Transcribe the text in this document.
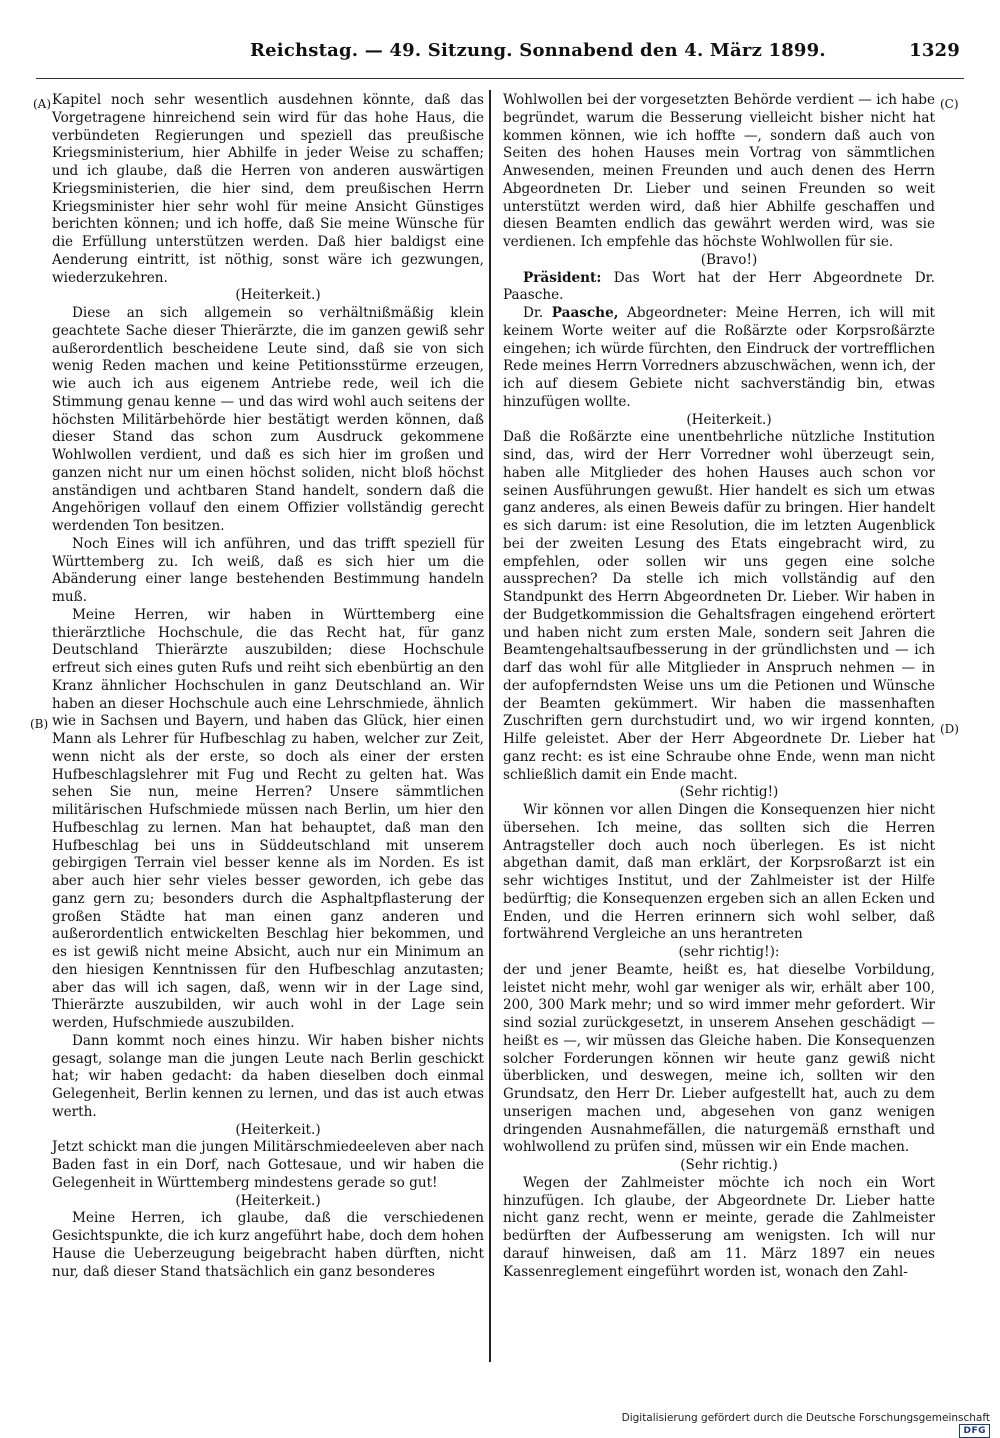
Reichstag. — 49. Sitzung. Sonnabend den 4. März 1899.	1329
(A)
(B)
(C)
(D)

Kapitel noch sehr wesentlich ausdehnen könnte, daß das Vorgetragene hinreichend sein wird für das hohe Haus, die verbündeten Regierungen und speziell das preußische Kriegsministerium, hier Abhilfe in jeder Weise zu schaffen; und ich glaube, daß die Herren von anderen auswärtigen Kriegsministerien, die hier sind, dem preußischen Herrn Kriegsminister hier sehr wohl für meine Ansicht Günstiges berichten können; und ich hoffe, daß Sie meine Wünsche für die Erfüllung unterstützen werden. Daß hier baldigst eine Aenderung eintritt, ist nöthig, sonst wäre ich gezwungen, wiederzukehren.

(Heiterkeit.)

Diese an sich allgemein so verhältnißmäßig klein geachtete Sache dieser Thierärzte, die im ganzen gewiß sehr außerordentlich bescheidene Leute sind, daß sie von sich wenig Reden machen und keine Petitionsstürme erzeugen, wie auch ich aus eigenem Antriebe rede, weil ich die Stimmung genau kenne — und das wird wohl auch seitens der höchsten Militärbehörde hier bestätigt werden können, daß dieser Stand das schon zum Ausdruck gekommene Wohlwollen verdient, und daß es sich hier im großen und ganzen nicht nur um einen höchst soliden, nicht bloß höchst anständigen und achtbaren Stand handelt, sondern daß die Angehörigen vollauf den einem Offizier vollständig gerecht werdenden Ton besitzen.

Noch Eines will ich anführen, und das trifft speziell für Württemberg zu. Ich weiß, daß es sich hier um die Abänderung einer lange bestehenden Bestimmung handeln muß.

Meine Herren, wir haben in Württemberg eine thierärztliche Hochschule, die das Recht hat, für ganz Deutschland Thierärzte auszubilden; diese Hochschule erfreut sich eines guten Rufs und reiht sich ebenbürtig an den Kranz ähnlicher Hochschulen in ganz Deutschland an. Wir haben an dieser Hochschule auch eine Lehrschmiede, ähnlich wie in Sachsen und Bayern, und haben das Glück, hier einen Mann als Lehrer für Hufbeschlag zu haben, welcher zur Zeit, wenn nicht als der erste, so doch als einer der ersten Hufbeschlagslehrer mit Fug und Recht zu gelten hat. Was sehen Sie nun, meine Herren? Unsere sämmtlichen militärischen Hufschmiede müssen nach Berlin, um hier den Hufbeschlag zu lernen. Man hat behauptet, daß man den Hufbeschlag bei uns in Süddeutschland mit unserem gebirgigen Terrain viel besser kenne als im Norden. Es ist aber auch hier sehr vieles besser geworden, ich gebe das ganz gern zu; besonders durch die Asphaltpflasterung der großen Städte hat man einen ganz anderen und außerordentlich entwickelten Beschlag hier bekommen, und es ist gewiß nicht meine Absicht, auch nur ein Minimum an den hiesigen Kenntnissen für den Hufbeschlag anzutasten; aber das will ich sagen, daß, wenn wir in der Lage sind, Thierärzte auszubilden, wir auch wohl in der Lage sein werden, Hufschmiede auszubilden.

Dann kommt noch eines hinzu. Wir haben bisher nichts gesagt, solange man die jungen Leute nach Berlin geschickt hat; wir haben gedacht: da haben dieselben doch einmal Gelegenheit, Berlin kennen zu lernen, und das ist auch etwas werth.

(Heiterkeit.)

Jetzt schickt man die jungen Militärschmiedeeleven aber nach Baden fast in ein Dorf, nach Gottesaue, und wir haben die Gelegenheit in Württemberg mindestens gerade so gut!

(Heiterkeit.)

Meine Herren, ich glaube, daß die verschiedenen Gesichtspunkte, die ich kurz angeführt habe, doch dem hohen Hause die Ueberzeugung beigebracht haben dürften, nicht nur, daß dieser Stand thatsächlich ein ganz besonderes

Wohlwollen bei der vorgesetzten Behörde verdient — ich habe begründet, warum die Besserung vielleicht bisher nicht hat kommen können, wie ich hoffte —, sondern daß auch von Seiten des hohen Hauses mein Vortrag von sämmtlichen Anwesenden, meinen Freunden und auch denen des Herrn Abgeordneten Dr. Lieber und seinen Freunden so weit unterstützt werden wird, daß hier Abhilfe geschaffen und diesen Beamten endlich das gewährt werden wird, was sie verdienen. Ich empfehle das höchste Wohlwollen für sie.

(Bravo!)

Präsident: Das Wort hat der Herr Abgeordnete Dr. Paasche.

Dr. Paasche, Abgeordneter: Meine Herren, ich will mit keinem Worte weiter auf die Roßärzte oder Korpsroßärzte eingehen; ich würde fürchten, den Eindruck der vortrefflichen Rede meines Herrn Vorredners abzuschwächen, wenn ich, der ich auf diesem Gebiete nicht sachverständig bin, etwas hinzufügen wollte.

(Heiterkeit.)

Daß die Roßärzte eine unentbehrliche nützliche Institution sind, das, wird der Herr Vorredner wohl überzeugt sein, haben alle Mitglieder des hohen Hauses auch schon vor seinen Ausführungen gewußt. Hier handelt es sich um etwas ganz anderes, als einen Beweis dafür zu bringen. Hier handelt es sich darum: ist eine Resolution, die im letzten Augenblick bei der zweiten Lesung des Etats eingebracht wird, zu empfehlen, oder sollen wir uns gegen eine solche aussprechen? Da stelle ich mich vollständig auf den Standpunkt des Herrn Abgeordneten Dr. Lieber. Wir haben in der Budgetkommission die Gehaltsfragen eingehend erörtert und haben nicht zum ersten Male, sondern seit Jahren die Beamtengehaltsaufbesserung in der gründlichsten und — ich darf das wohl für alle Mitglieder in Anspruch nehmen — in der aufopferndsten Weise uns um die Petionen und Wünsche der Beamten gekümmert. Wir haben die massenhaften Zuschriften gern durchstudirt und, wo wir irgend konnten, Hilfe geleistet. Aber der Herr Abgeordnete Dr. Lieber hat ganz recht: es ist eine Schraube ohne Ende, wenn man nicht schließlich damit ein Ende macht.

(Sehr richtig!)

Wir können vor allen Dingen die Konsequenzen hier nicht übersehen. Ich meine, das sollten sich die Herren Antragsteller doch auch noch überlegen. Es ist nicht abgethan damit, daß man erklärt, der Korpsroßarzt ist ein sehr wichtiges Institut, und der Zahlmeister ist der Hilfe bedürftig; die Konsequenzen ergeben sich an allen Ecken und Enden, und die Herren erinnern sich wohl selber, daß fortwährend Vergleiche an uns herantreten

(sehr richtig!):

der und jener Beamte, heißt es, hat dieselbe Vorbildung, leistet nicht mehr, wohl gar weniger als wir, erhält aber 100, 200, 300 Mark mehr; und so wird immer mehr gefordert. Wir sind sozial zurückgesetzt, in unserem Ansehen geschädigt — heißt es —, wir müssen das Gleiche haben. Die Konsequenzen solcher Forderungen können wir heute ganz gewiß nicht überblicken, und deswegen, meine ich, sollten wir den Grundsatz, den Herr Dr. Lieber aufgestellt hat, auch zu dem unserigen machen und, abgesehen von ganz wenigen dringenden Ausnahmefällen, die naturgemäß ernsthaft und wohlwollend zu prüfen sind, müssen wir ein Ende machen.

(Sehr richtig.)

Wegen der Zahlmeister möchte ich noch ein Wort hinzufügen. Ich glaube, der Abgeordnete Dr. Lieber hatte nicht ganz recht, wenn er meinte, gerade die Zahlmeister bedürften der Aufbesserung am wenigsten. Ich will nur darauf hinweisen, daß am 11. März 1897 ein neues Kassenreglement eingeführt worden ist, wonach den Zahl-

Digitalisierung gefördert durch die Deutsche Forschungsgemeinschaft DFG
